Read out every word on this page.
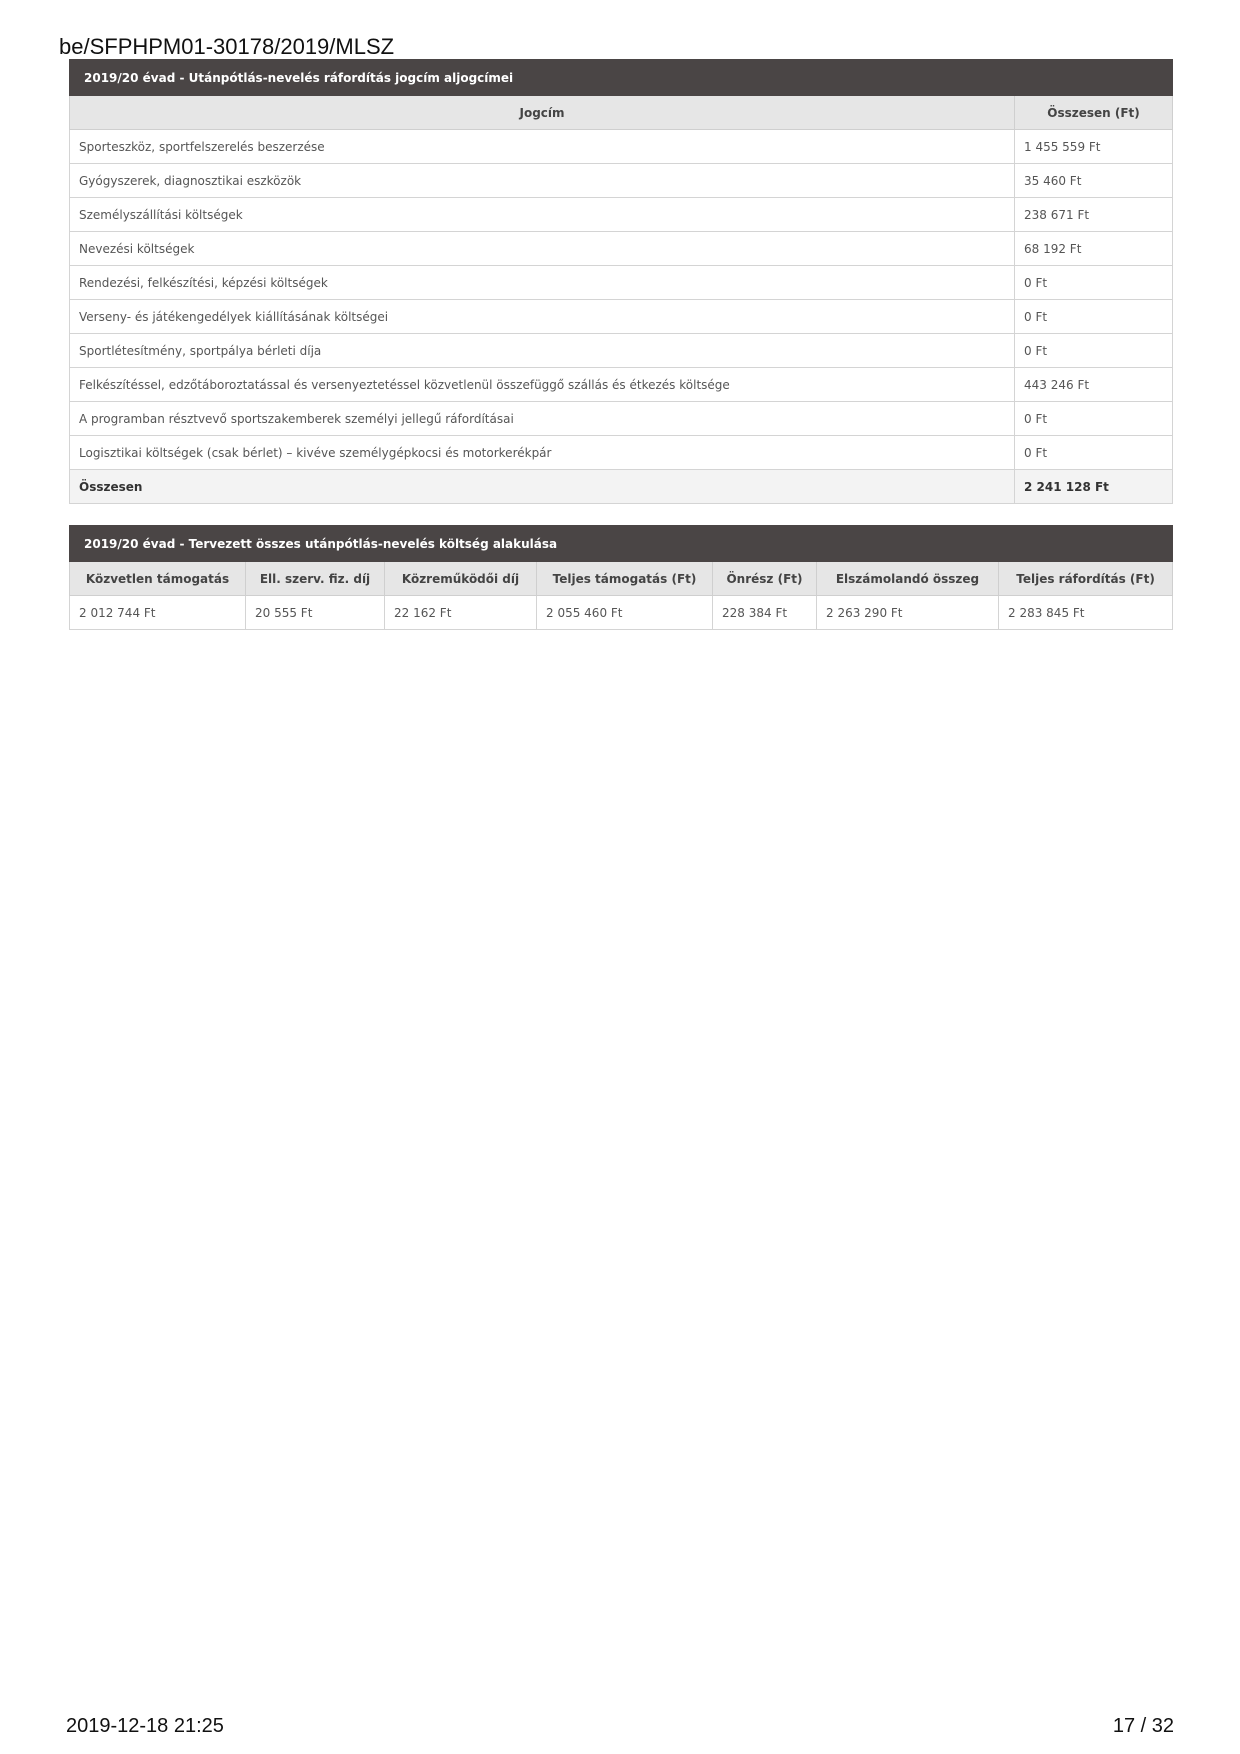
be/SFPHPM01-30178/2019/MLSZ
2019/20 évad - Utánpótlás-nevelés ráfordítás jogcím aljogcímei	
Jogcím	Összesen (Ft)
Sporteszköz, sportfelszerelés beszerzése	1 455 559 Ft
Gyógyszerek, diagnosztikai eszközök	35 460 Ft
Személyszállítási költségek	238 671 Ft
Nevezési költségek	68 192 Ft
Rendezési, felkészítési, képzési költségek	0 Ft
Verseny- és játékengedélyek kiállításának költségei	0 Ft
Sportlétesítmény, sportpálya bérleti díja	0 Ft
Felkészítéssel, edzőtáboroztatással és versenyeztetéssel közvetlenül összefüggő szállás és étkezés költsége	443 246 Ft
A programban résztvevő sportszakemberek személyi jellegű ráfordításai	0 Ft
Logisztikai költségek (csak bérlet) – kivéve személygépkocsi és motorkerékpár	0 Ft
Összesen	2 241 128 Ft
2019/20 évad - Tervezett összes utánpótlás-nevelés költség alakulása						
Közvetlen támogatás	Ell. szerv. fiz. díj	Közreműködői díj	Teljes támogatás (Ft)	Önrész (Ft)	Elszámolandó összeg	Teljes ráfordítás (Ft)
2 012 744 Ft	20 555 Ft	22 162 Ft	2 055 460 Ft	228 384 Ft	2 263 290 Ft	2 283 845 Ft
2019-12-18 21:25	17 / 32
